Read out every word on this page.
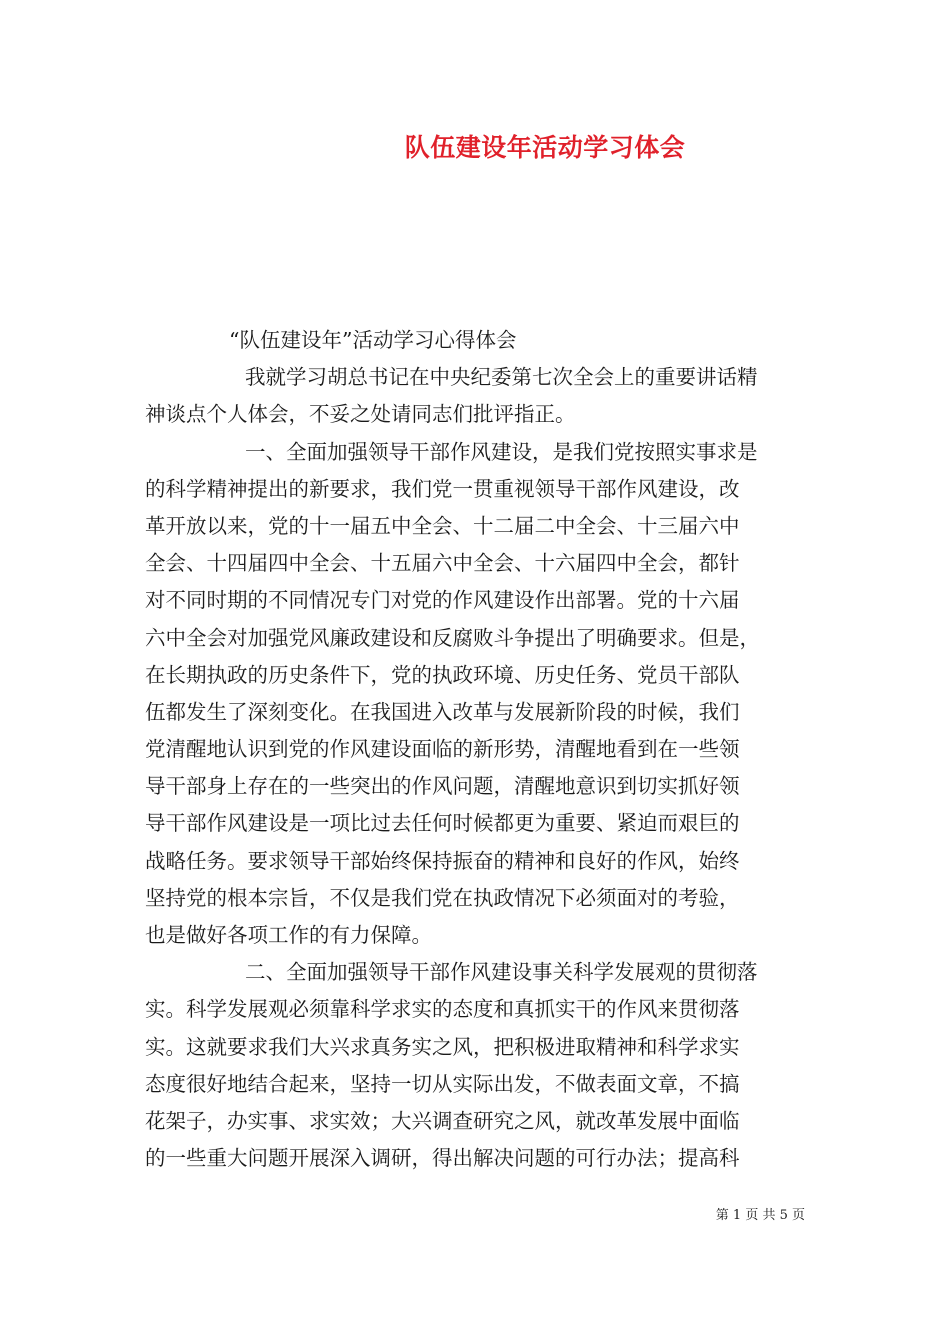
队伍建设年活动学习体会
“队伍建设年”活动学习心得体会
我就学习胡总书记在中央纪委第七次全会上的重要讲话精
神谈点个人体会，不妥之处请同志们批评指正。
一、全面加强领导干部作风建设，是我们党按照实事求是
的科学精神提出的新要求，我们党一贯重视领导干部作风建设，改
革开放以来，党的十一届五中全会、十二届二中全会、十三届六中
全会、十四届四中全会、十五届六中全会、十六届四中全会，都针
对不同时期的不同情况专门对党的作风建设作出部署。党的十六届
六中全会对加强党风廉政建设和反腐败斗争提出了明确要求。但是，
在长期执政的历史条件下，党的执政环境、历史任务、党员干部队
伍都发生了深刻变化。在我国进入改革与发展新阶段的时候，我们
党清醒地认识到党的作风建设面临的新形势，清醒地看到在一些领
导干部身上存在的一些突出的作风问题，清醒地意识到切实抓好领
导干部作风建设是一项比过去任何时候都更为重要、紧迫而艰巨的
战略任务。要求领导干部始终保持振奋的精神和良好的作风，始终
坚持党的根本宗旨，不仅是我们党在执政情况下必须面对的考验，
也是做好各项工作的有力保障。
二、全面加强领导干部作风建设事关科学发展观的贯彻落
实。科学发展观必须靠科学求实的态度和真抓实干的作风来贯彻落
实。这就要求我们大兴求真务实之风，把积极进取精神和科学求实
态度很好地结合起来，坚持一切从实际出发，不做表面文章，不搞
花架子，办实事、求实效；大兴调查研究之风，就改革发展中面临
的一些重大问题开展深入调研，得出解决问题的可行办法；提高科
第 1 页 共 5 页
